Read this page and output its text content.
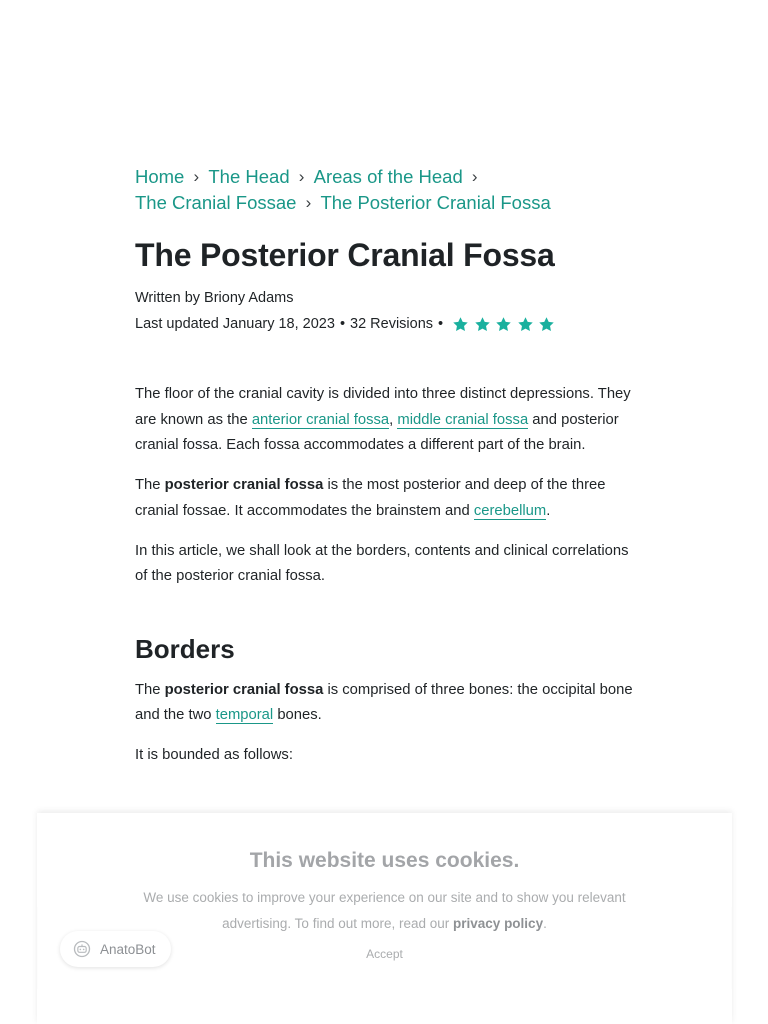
Home › The Head › Areas of the Head ›
The Cranial Fossae › The Posterior Cranial Fossa
The Posterior Cranial Fossa
Written by Briony Adams
Last updated January 18, 2023 • 32 Revisions •

The floor of the cranial cavity is divided into three distinct depressions. They are known as the anterior cranial fossa, middle cranial fossa and posterior cranial fossa. Each fossa accommodates a different part of the brain.

The posterior cranial fossa is the most posterior and deep of the three cranial fossae. It accommodates the brainstem and cerebellum.

In this article, we shall look at the borders, contents and clinical correlations of the posterior cranial fossa.

Borders

The posterior cranial fossa is comprised of three bones: the occipital bone and the two temporal bones.

It is bounded as follows:

This website uses cookies.
We use cookies to improve your experience on our site and to show you relevant advertising. To find out more, read our privacy policy.
Accept
AnatoBot
